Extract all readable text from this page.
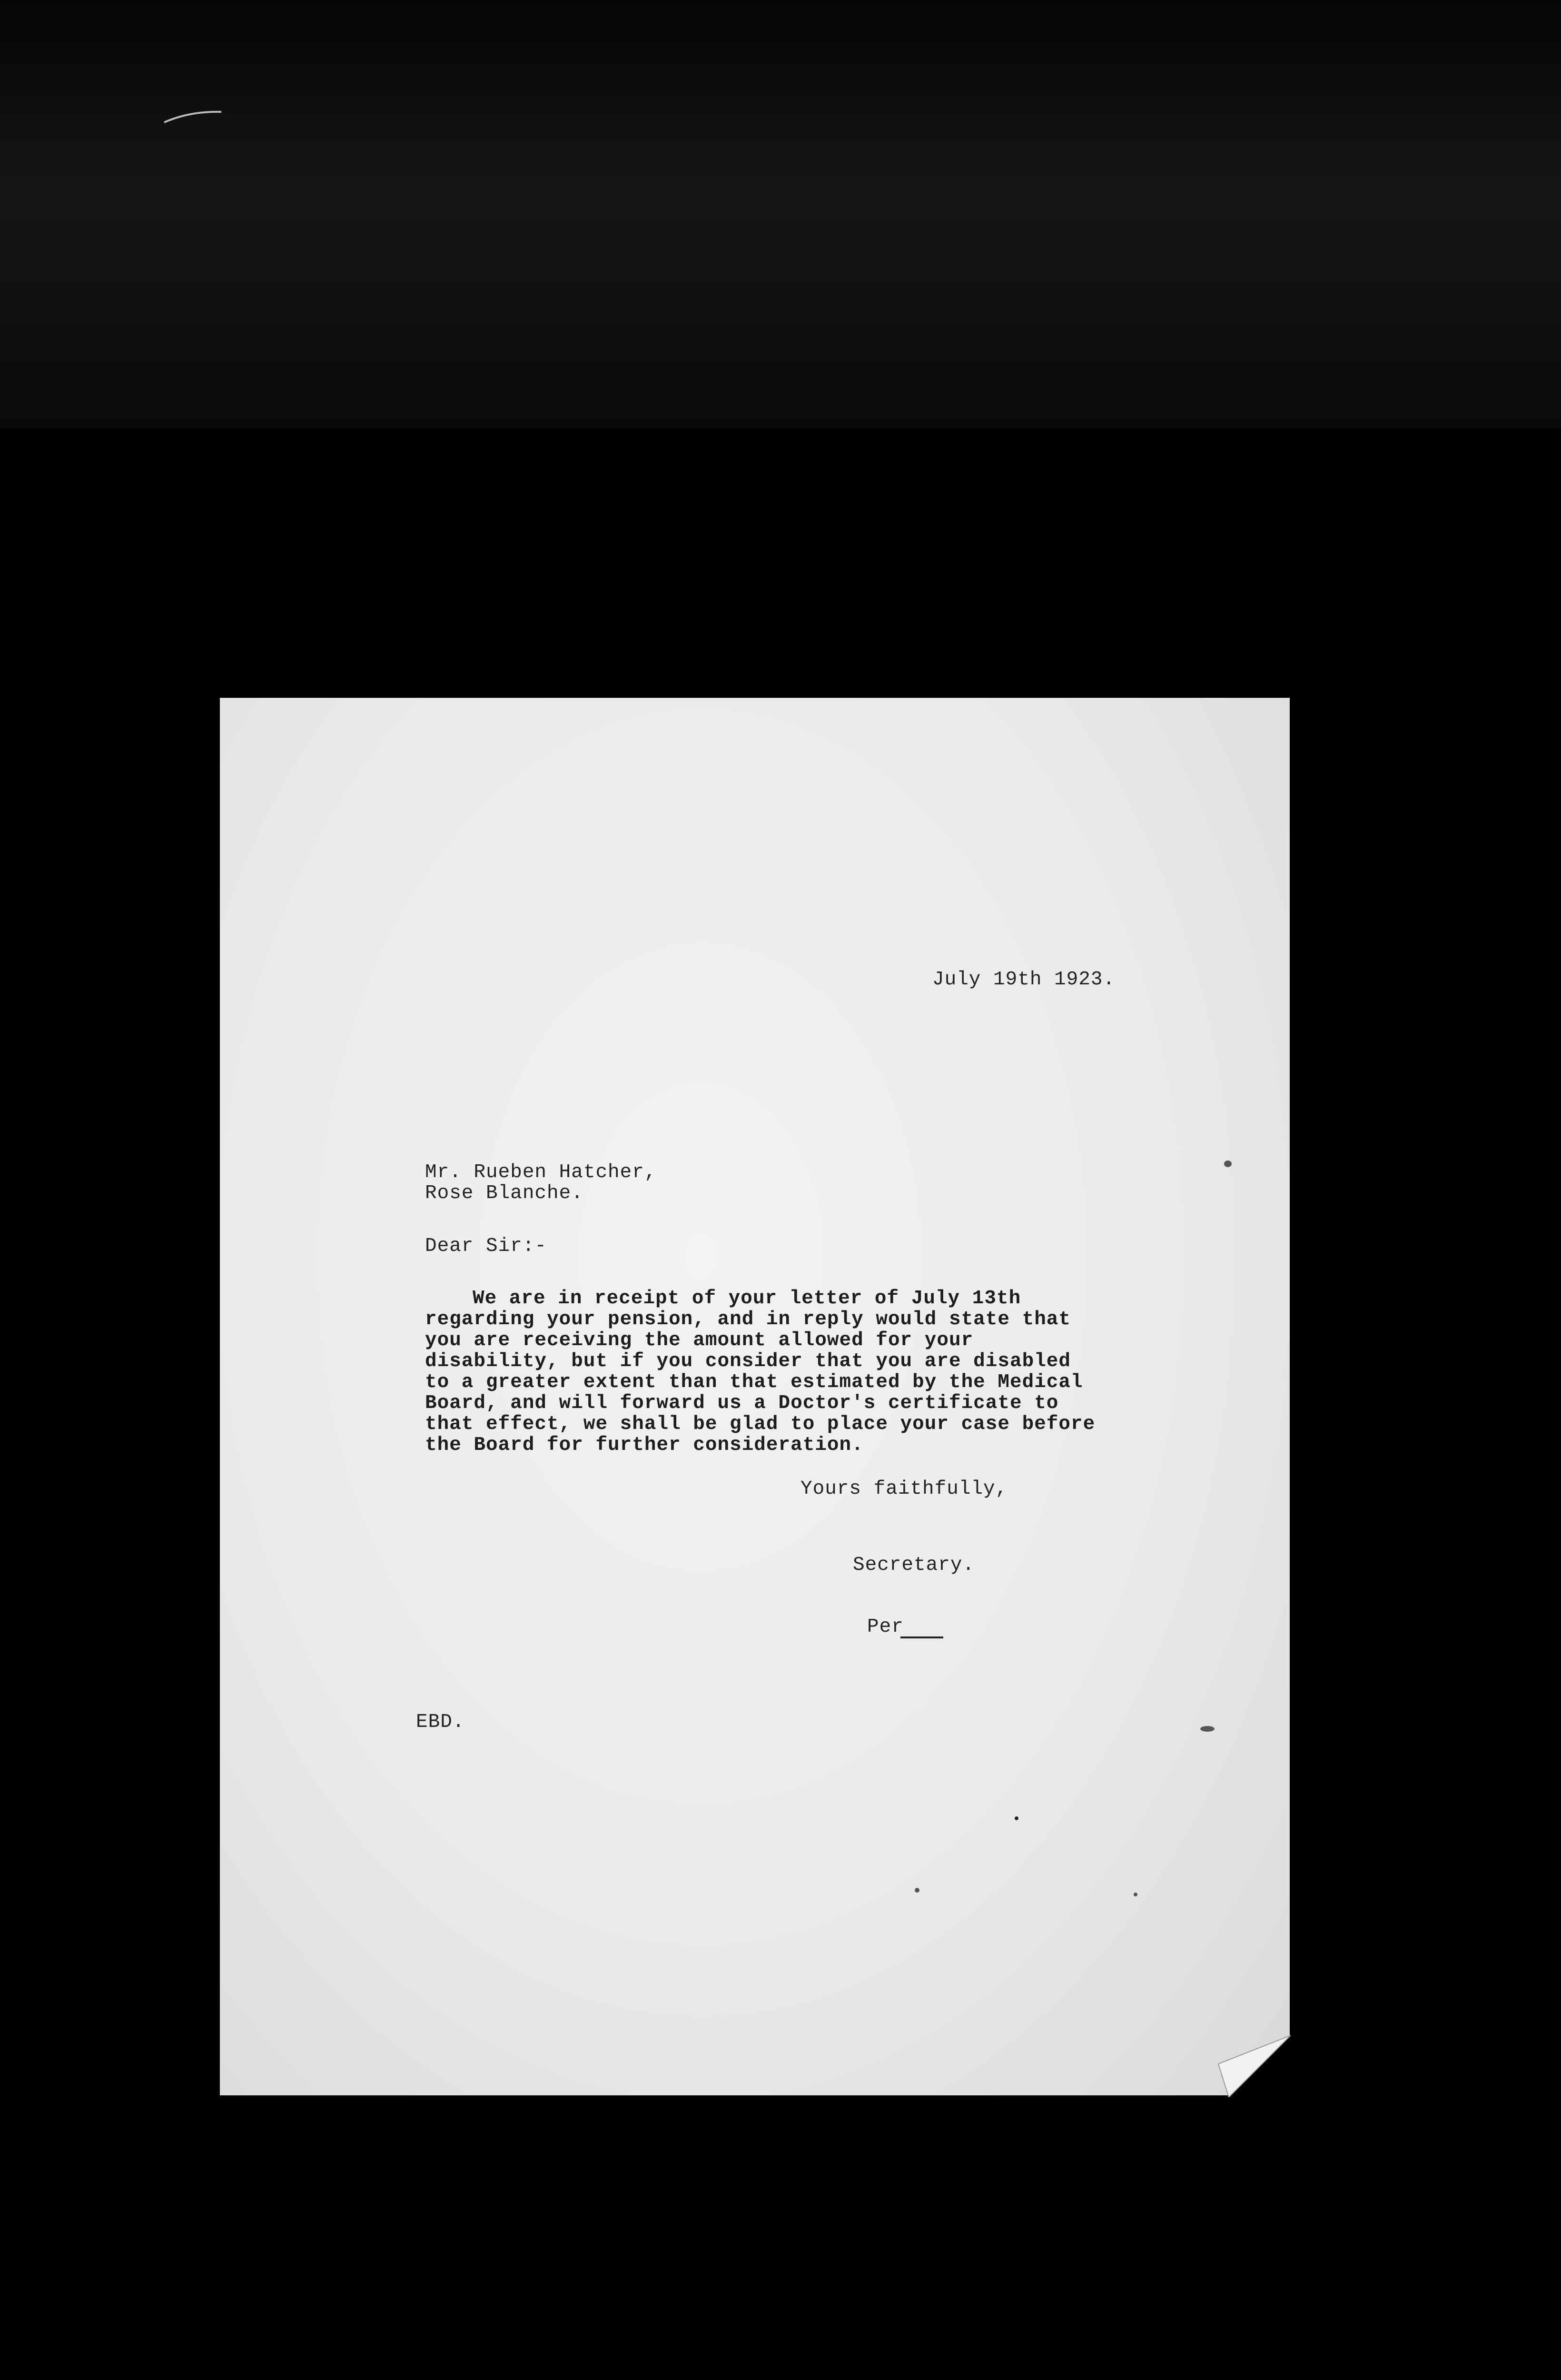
July 19th 1923.

Mr. Rueben Hatcher,

Rose Blanche.

Dear Sir:-

We are in receipt of your letter of July 13th regarding your pension, and in reply would state that you are receiving the amount allowed for your disability, but if you consider that you are disabled to a greater extent than that estimated by the Medical Board, and will forward us a Doctor's certificate to that effect, we shall be glad to place your case before the Board for further consideration.

Yours faithfully,

Secretary.

Per

EBD.
